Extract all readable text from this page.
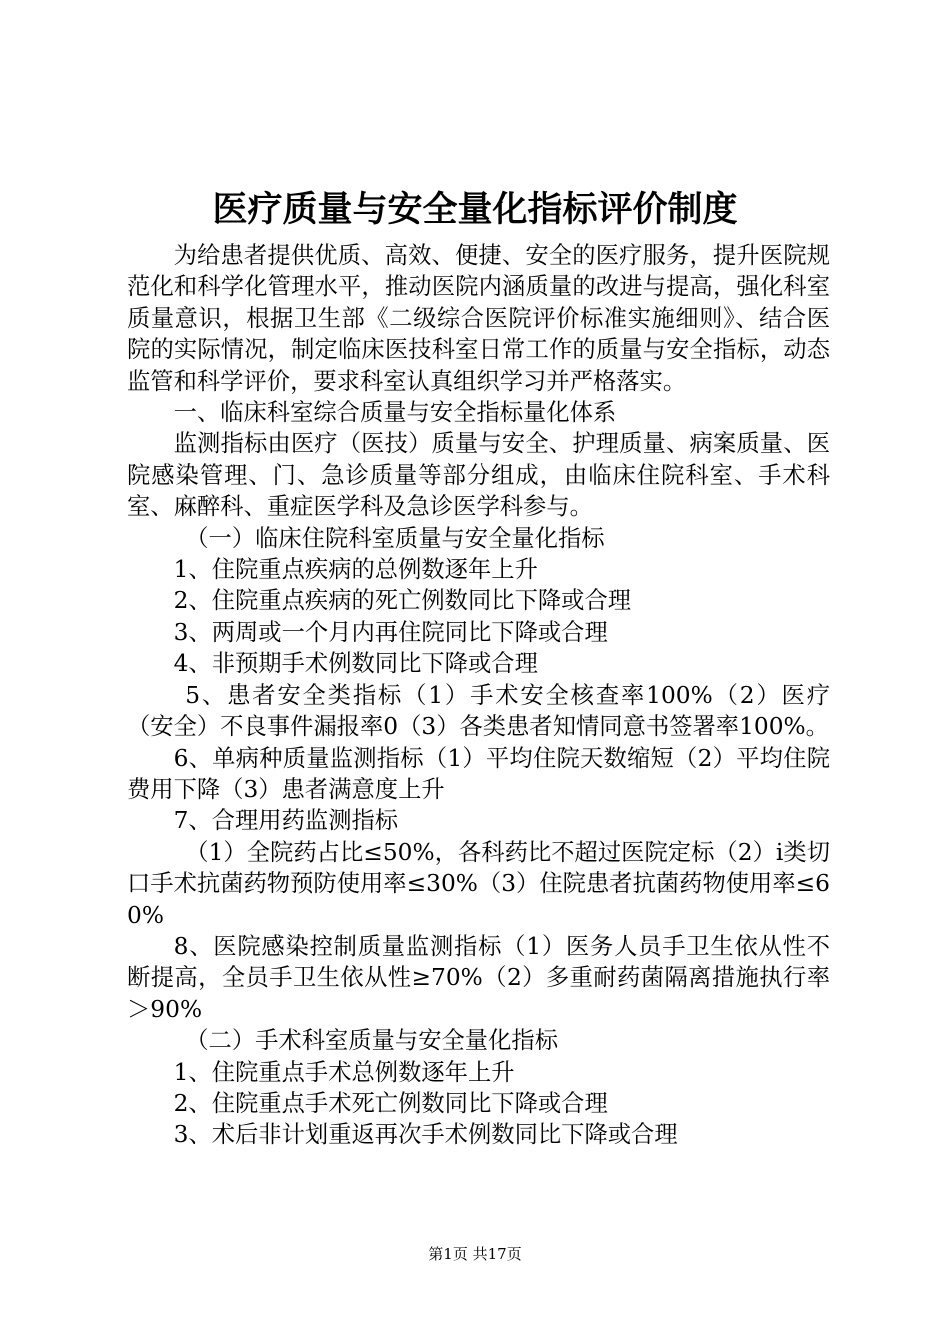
医疗质量与安全量化指标评价制度

为给患者提供优质、高效、便捷、安全的医疗服务，提升医院规范化和科学化管理水平，推动医院内涵质量的改进与提高，强化科室质量意识，根据卫生部《二级综合医院评价标准实施细则》、结合医院的实际情况，制定临床医技科室日常工作的质量与安全指标，动态监管和科学评价，要求科室认真组织学习并严格落实。

一、临床科室综合质量与安全指标量化体系

监测指标由医疗（医技）质量与安全、护理质量、病案质量、医院感染管理、门、急诊质量等部分组成，由临床住院科室、手术科室、麻醉科、重症医学科及急诊医学科参与。

（一）临床住院科室质量与安全量化指标

1、住院重点疾病的总例数逐年上升

2、住院重点疾病的死亡例数同比下降或合理

3、两周或一个月内再住院同比下降或合理

4、非预期手术例数同比下降或合理

5、患者安全类指标（1）手术安全核查率100%（2）医疗（安全）不良事件漏报率0（3）各类患者知情同意书签署率100%。

6、单病种质量监测指标（1）平均住院天数缩短（2）平均住院费用下降（3）患者满意度上升

7、合理用药监测指标

（1）全院药占比≤50%，各科药比不超过医院定标（2）i类切口手术抗菌药物预防使用率≤30%（3）住院患者抗菌药物使用率≤60%

8、医院感染控制质量监测指标（1）医务人员手卫生依从性不断提高，全员手卫生依从性≥70%（2）多重耐药菌隔离措施执行率＞90%

（二）手术科室质量与安全量化指标

1、住院重点手术总例数逐年上升

2、住院重点手术死亡例数同比下降或合理

3、术后非计划重返再次手术例数同比下降或合理

第1页 共17页
